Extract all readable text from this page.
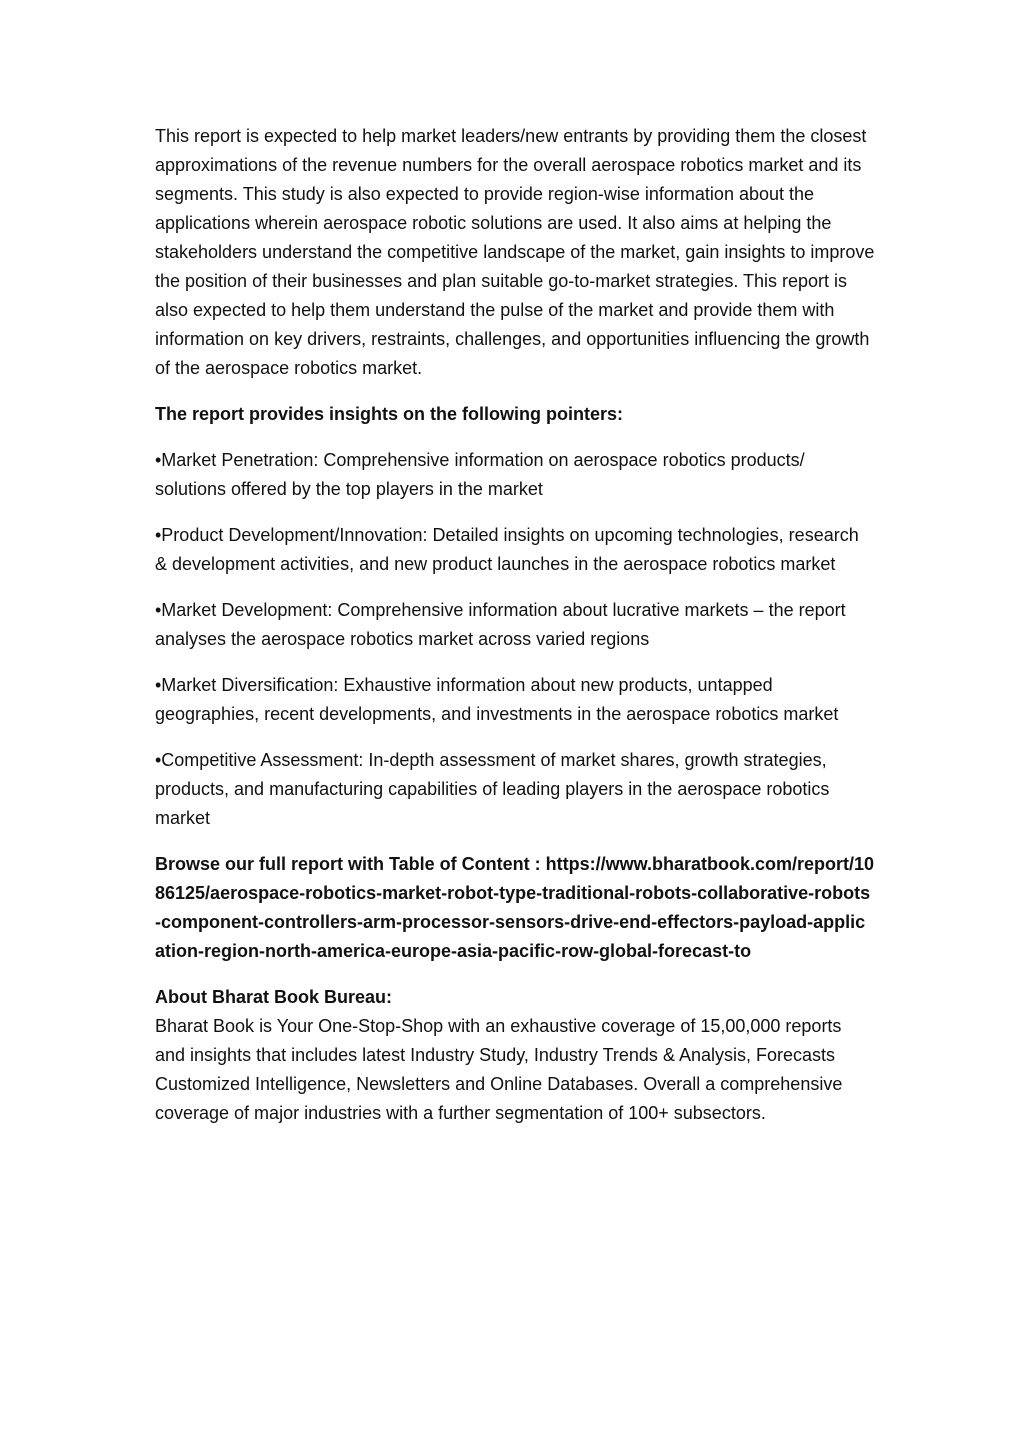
This report is expected to help market leaders/new entrants by providing them the closest approximations of the revenue numbers for the overall aerospace robotics market and its segments. This study is also expected to provide region-wise information about the applications wherein aerospace robotic solutions are used. It also aims at helping the stakeholders understand the competitive landscape of the market, gain insights to improve the position of their businesses and plan suitable go-to-market strategies. This report is also expected to help them understand the pulse of the market and provide them with information on key drivers, restraints, challenges, and opportunities influencing the growth of the aerospace robotics market.

The report provides insights on the following pointers:

•Market Penetration: Comprehensive information on aerospace robotics products/ solutions offered by the top players in the market

•Product Development/Innovation: Detailed insights on upcoming technologies, research & development activities, and new product launches in the aerospace robotics market

•Market Development: Comprehensive information about lucrative markets – the report analyses the aerospace robotics market across varied regions

•Market Diversification: Exhaustive information about new products, untapped geographies, recent developments, and investments in the aerospace robotics market

•Competitive Assessment: In-depth assessment of market shares, growth strategies, products, and manufacturing capabilities of leading players in the aerospace robotics market

Browse our full report with Table of Content : https://www.bharatbook.com/report/1086125/aerospace-robotics-market-robot-type-traditional-robots-collaborative-robots-component-controllers-arm-processor-sensors-drive-end-effectors-payload-application-region-north-america-europe-asia-pacific-row-global-forecast-to

About Bharat Book Bureau:
Bharat Book is Your One-Stop-Shop with an exhaustive coverage of 15,00,000 reports and insights that includes latest Industry Study, Industry Trends & Analysis, Forecasts Customized Intelligence, Newsletters and Online Databases. Overall a comprehensive coverage of major industries with a further segmentation of 100+ subsectors.
